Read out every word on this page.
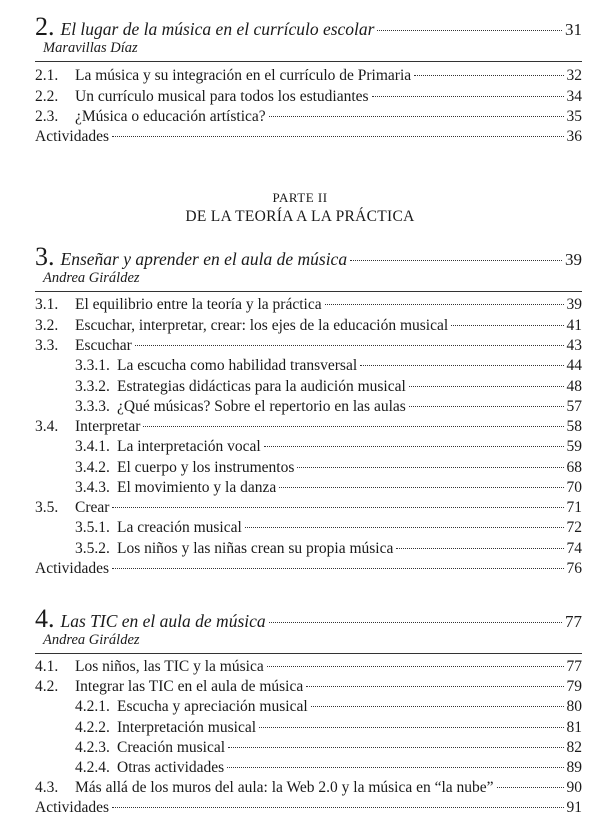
2. El lugar de la música en el currículo escolar	31
Maravillas Díaz
2.1. La música y su integración en el currículo de Primaria	32
2.2. Un currículo musical para todos los estudiantes	34
2.3. ¿Música o educación artística?	35
Actividades	36
PARTE II
DE LA TEORÍA A LA PRÁCTICA
3. Enseñar y aprender en el aula de música	39
Andrea Giráldez
3.1. El equilibrio entre la teoría y la práctica	39
3.2. Escuchar, interpretar, crear: los ejes de la educación musical	41
3.3. Escuchar	43
3.3.1. La escucha como habilidad transversal	44
3.3.2. Estrategias didácticas para la audición musical	48
3.3.3. ¿Qué músicas? Sobre el repertorio en las aulas	57
3.4. Interpretar	58
3.4.1. La interpretación vocal	59
3.4.2. El cuerpo y los instrumentos	68
3.4.3. El movimiento y la danza	70
3.5. Crear	71
3.5.1. La creación musical	72
3.5.2. Los niños y las niñas crean su propia música	74
Actividades	76
4. Las TIC en el aula de música	77
Andrea Giráldez
4.1. Los niños, las TIC y la música	77
4.2. Integrar las TIC en el aula de música	79
4.2.1. Escucha y apreciación musical	80
4.2.2. Interpretación musical	81
4.2.3. Creación musical	82
4.2.4. Otras actividades	89
4.3. Más allá de los muros del aula: la Web 2.0 y la música en “la nube”	90
Actividades	91
